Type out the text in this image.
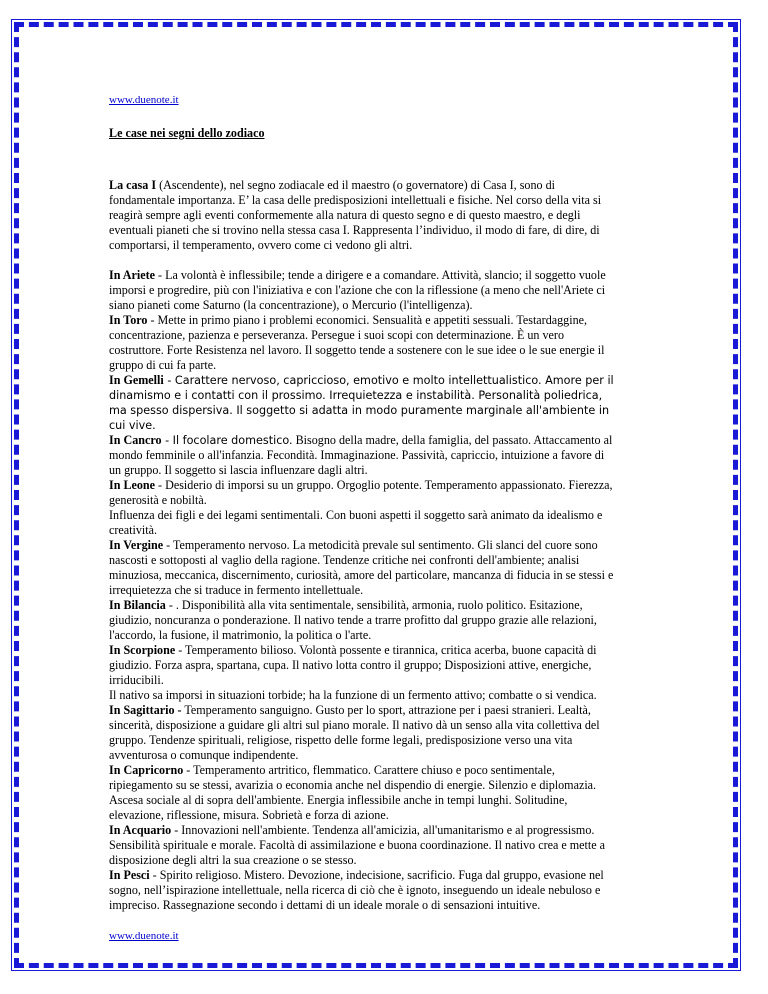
www.duenote.it
Le case nei segni dello zodiaco

La casa I (Ascendente), nel segno zodiacale ed il maestro (o governatore) di Casa I, sono di fondamentale importanza. E’ la casa delle predisposizioni intellettuali e fisiche. Nel corso della vita si reagirà sempre agli eventi conformemente alla natura di questo segno e di questo maestro, e degli eventuali pianeti che si trovino nella stessa casa I. Rappresenta l’individuo, il modo di fare, di dire, di comportarsi, il temperamento, ovvero come ci vedono gli altri.

In Ariete - La volontà è inflessibile; tende a dirigere e a comandare. Attività, slancio; il soggetto vuole imporsi e progredire, più con l'iniziativa e con l'azione che con la riflessione (a meno che nell'Ariete ci siano pianeti come Saturno (la concentrazione), o Mercurio (l'intelligenza).

In Toro - Mette in primo piano i problemi economici. Sensualità e appetiti sessuali. Testardaggine, concentrazione, pazienza e perseveranza. Persegue i suoi scopi con determinazione. È un vero costruttore. Forte Resistenza nel lavoro. Il soggetto tende a sostenere con le sue idee o le sue energie il gruppo di cui fa parte.

In Gemelli - Carattere nervoso, capriccioso, emotivo e molto intellettualistico. Amore per il dinamismo e i contatti con il prossimo. Irrequietezza e instabilità. Personalità poliedrica, ma spesso dispersiva. Il soggetto si adatta in modo puramente marginale all'ambiente in cui vive.

In Cancro - Il focolare domestico. Bisogno della madre, della famiglia, del passato. Attaccamento al mondo femminile o all'infanzia. Fecondità. Immaginazione. Passività, capriccio, intuizione a favore di un gruppo. Il soggetto si lascia influenzare dagli altri.

In Leone - Desiderio di imporsi su un gruppo. Orgoglio potente. Temperamento appassionato. Fierezza, generosità e nobiltà.

Influenza dei figli e dei legami sentimentali. Con buoni aspetti il soggetto sarà animato da idealismo e creatività.

In Vergine - Temperamento nervoso. La metodicità prevale sul sentimento. Gli slanci del cuore sono nascosti e sottoposti al vaglio della ragione. Tendenze critiche nei confronti dell'ambiente; analisi minuziosa, meccanica, discernimento, curiosità, amore del particolare, mancanza di fiducia in se stessi e irrequietezza che si traduce in fermento intellettuale.

In Bilancia - . Disponibilità alla vita sentimentale, sensibilità, armonia, ruolo politico. Esitazione, giudizio, noncuranza o ponderazione. Il nativo tende a trarre profitto dal gruppo grazie alle relazioni, l'accordo, la fusione, il matrimonio, la politica o l'arte.

In Scorpione - Temperamento bilioso. Volontà possente e tirannica, critica acerba, buone capacità di giudizio. Forza aspra, spartana, cupa. Il nativo lotta contro il gruppo; Disposizioni attive, energiche, irriducibili.

Il nativo sa imporsi in situazioni torbide; ha la funzione di un fermento attivo; combatte o si vendica.

In Sagittario - Temperamento sanguigno. Gusto per lo sport, attrazione per i paesi stranieri. Lealtà, sincerità, disposizione a guidare gli altri sul piano morale. Il nativo dà un senso alla vita collettiva del gruppo. Tendenze spirituali, religiose, rispetto delle forme legali, predisposizione verso una vita avventurosa o comunque indipendente.

In Capricorno - Temperamento artritico, flemmatico. Carattere chiuso e poco sentimentale, ripiegamento su se stessi, avarizia o economia anche nel dispendio di energie. Silenzio e diplomazia. Ascesa sociale al di sopra dell'ambiente. Energia inflessibile anche in tempi lunghi. Solitudine, elevazione, riflessione, misura. Sobrietà e forza di azione.

In Acquario - Innovazioni nell'ambiente. Tendenza all'amicizia, all'umanitarismo e al progressismo. Sensibilità spirituale e morale. Facoltà di assimilazione e buona coordinazione. Il nativo crea e mette a disposizione degli altri la sua creazione o se stesso.

In Pesci - Spirito religioso. Mistero. Devozione, indecisione, sacrificio. Fuga dal gruppo, evasione nel sogno, nell’ispirazione intellettuale, nella ricerca di ciò che è ignoto, inseguendo un ideale nebuloso e impreciso. Rassegnazione secondo i dettami di un ideale morale o di sensazioni intuitive.

www.duenote.it
